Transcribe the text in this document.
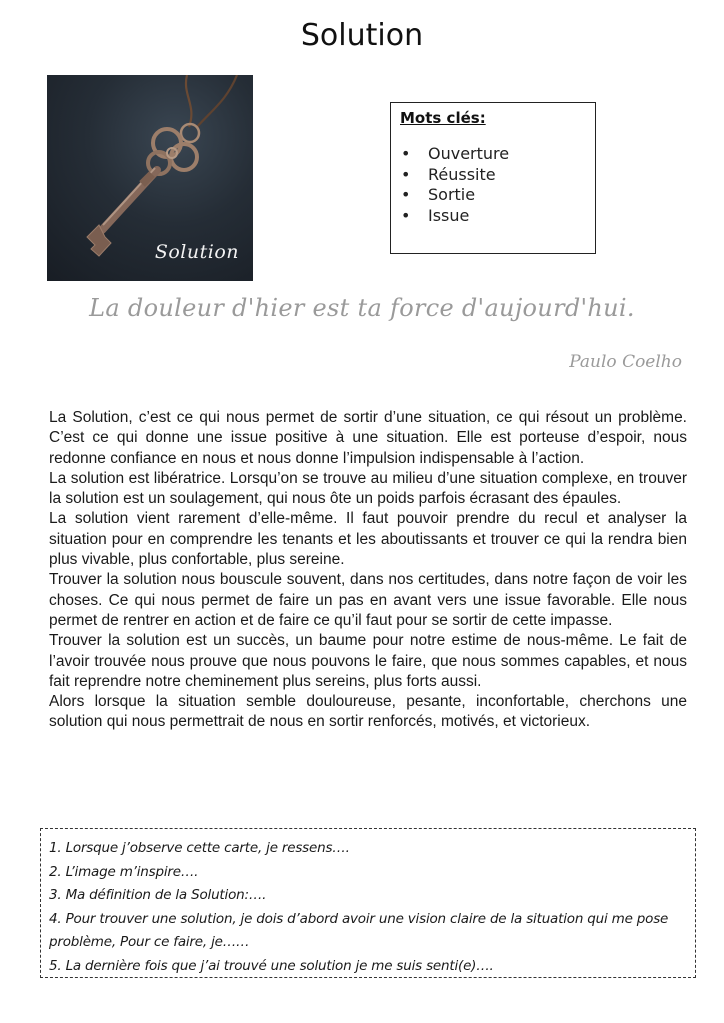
Solution
Solution
Mots clés:
• Ouverture
• Réussite
• Sortie
• Issue
La douleur d'hier est ta force d'aujourd'hui.
Paulo Coelho

La Solution, c’est ce qui nous permet de sortir d’une situation, ce qui résout un problème. C’est ce qui donne une issue positive à une situation. Elle est porteuse d’espoir, nous redonne confiance en nous et nous donne l’impulsion indispensable à l’action.

La solution est libératrice. Lorsqu’on se trouve au milieu d’une situation complexe, en trouver la solution est un soulagement, qui nous ôte un poids parfois écrasant des épaules.

La solution vient rarement d’elle-même. Il faut pouvoir prendre du recul et analyser la situation pour en comprendre les tenants et les aboutissants et trouver ce qui la rendra bien plus vivable, plus confortable, plus sereine.

Trouver la solution nous bouscule souvent, dans nos certitudes, dans notre façon de voir les choses. Ce qui nous permet de faire un pas en avant vers une issue favorable. Elle nous permet de rentrer en action et de faire ce qu’il faut pour se sortir de cette impasse.

Trouver la solution est un succès, un baume pour notre estime de nous-même. Le fait de l’avoir trouvée nous prouve que nous pouvons le faire, que nous sommes capables, et nous fait reprendre notre cheminement plus sereins, plus forts aussi.

Alors lorsque la situation semble douloureuse, pesante, inconfortable, cherchons une solution qui nous permettrait de nous en sortir renforcés, motivés, et victorieux.

1. Lorsque j’observe cette carte, je ressens….
2. L’image m’inspire….
3. Ma définition de la Solution:….
4. Pour trouver une solution, je dois d’abord avoir une vision claire de la situation qui me pose problème, Pour ce faire, je……
5. La dernière fois que j’ai trouvé une solution je me suis senti(e)….
